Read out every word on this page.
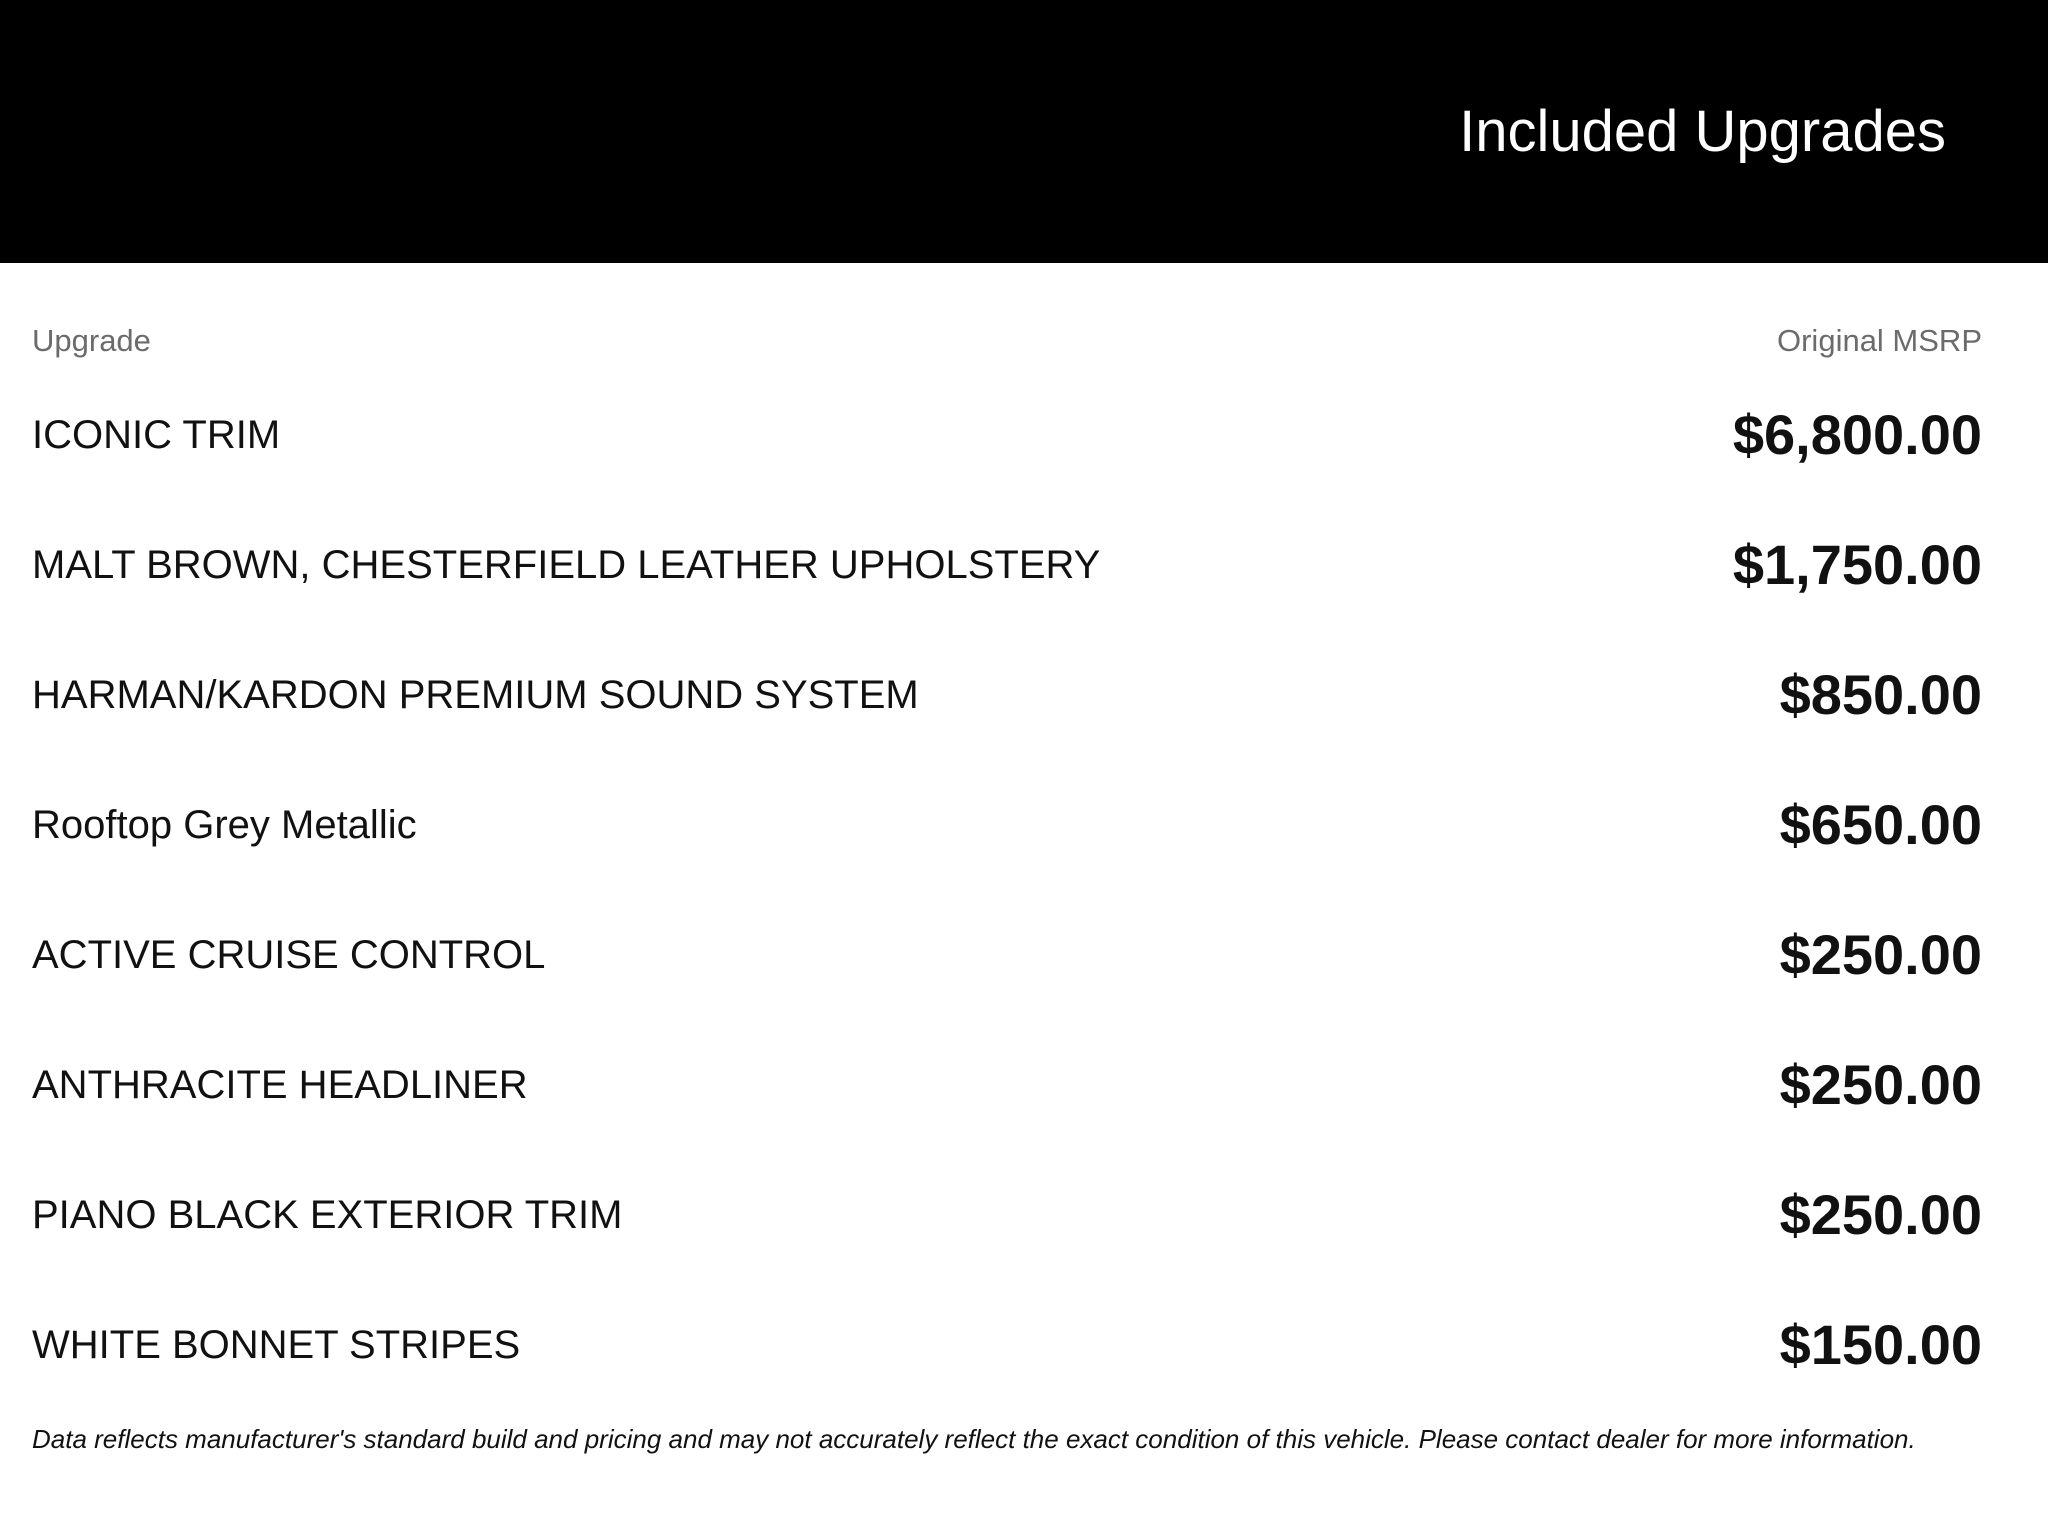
Included Upgrades
Upgrade	Original MSRP
ICONIC TRIM	$6,800.00
MALT BROWN, CHESTERFIELD LEATHER UPHOLSTERY	$1,750.00
HARMAN/KARDON PREMIUM SOUND SYSTEM	$850.00
Rooftop Grey Metallic	$650.00
ACTIVE CRUISE CONTROL	$250.00
ANTHRACITE HEADLINER	$250.00
PIANO BLACK EXTERIOR TRIM	$250.00
WHITE BONNET STRIPES	$150.00
Data reflects manufacturer's standard build and pricing and may not accurately reflect the exact condition of this vehicle. Please contact dealer for more information.
